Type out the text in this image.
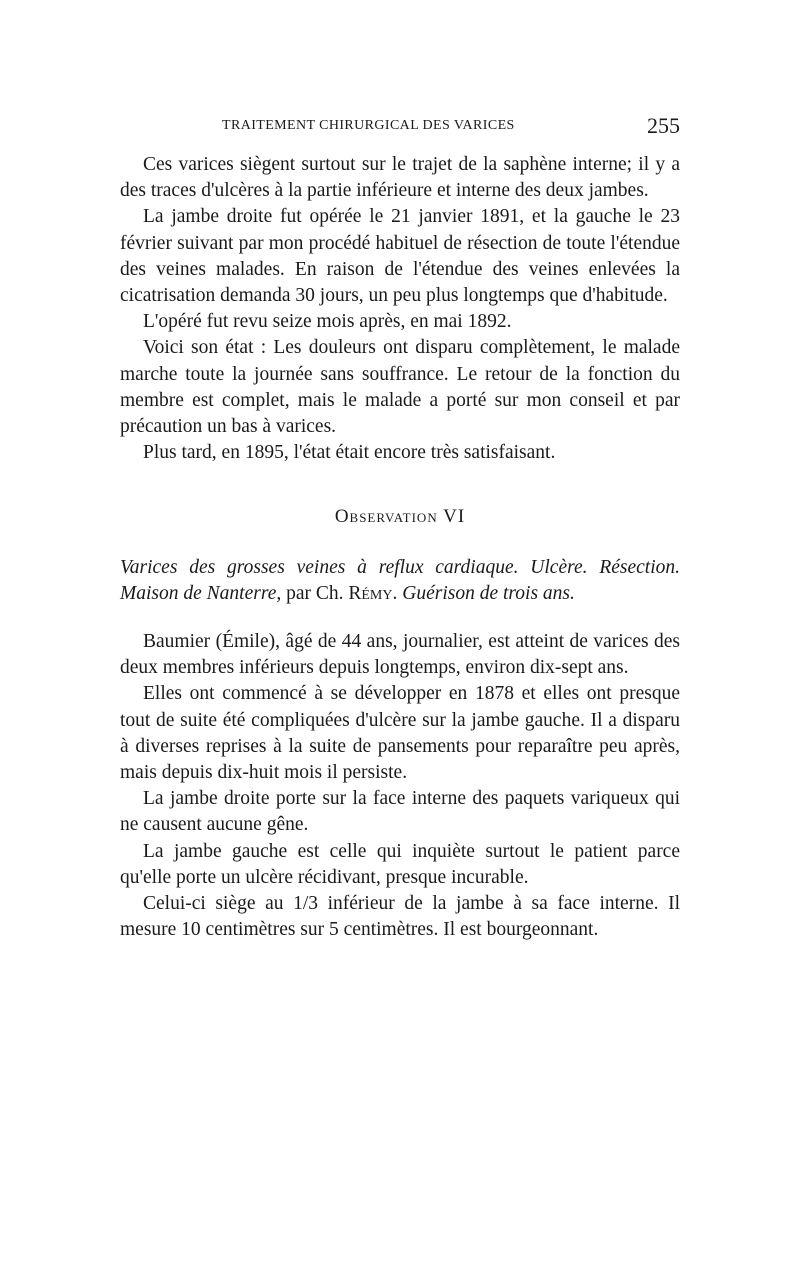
TRAITEMENT CHIRURGICAL DES VARICES	255

Ces varices siègent surtout sur le trajet de la saphène interne; il y a des traces d'ulcères à la partie inférieure et interne des deux jambes.

La jambe droite fut opérée le 21 janvier 1891, et la gauche le 23 février suivant par mon procédé habituel de résection de toute l'étendue des veines malades. En raison de l'étendue des veines enlevées la cicatrisation demanda 30 jours, un peu plus longtemps que d'habitude.

L'opéré fut revu seize mois après, en mai 1892.

Voici son état : Les douleurs ont disparu complètement, le malade marche toute la journée sans souffrance. Le retour de la fonction du membre est complet, mais le malade a porté sur mon conseil et par précaution un bas à varices.

Plus tard, en 1895, l'état était encore très satisfaisant.

Observation VI

Varices des grosses veines à reflux cardiaque. Ulcère. Résection. Maison de Nanterre, par Ch. Rémy. Guérison de trois ans.

Baumier (Émile), âgé de 44 ans, journalier, est atteint de varices des deux membres inférieurs depuis longtemps, environ dix-sept ans.

Elles ont commencé à se développer en 1878 et elles ont presque tout de suite été compliquées d'ulcère sur la jambe gauche. Il a disparu à diverses reprises à la suite de pansements pour reparaître peu après, mais depuis dix-huit mois il persiste.

La jambe droite porte sur la face interne des paquets variqueux qui ne causent aucune gêne.

La jambe gauche est celle qui inquiète surtout le patient parce qu'elle porte un ulcère récidivant, presque incurable.

Celui-ci siège au 1/3 inférieur de la jambe à sa face interne. Il mesure 10 centimètres sur 5 centimètres. Il est bourgeonnant.
